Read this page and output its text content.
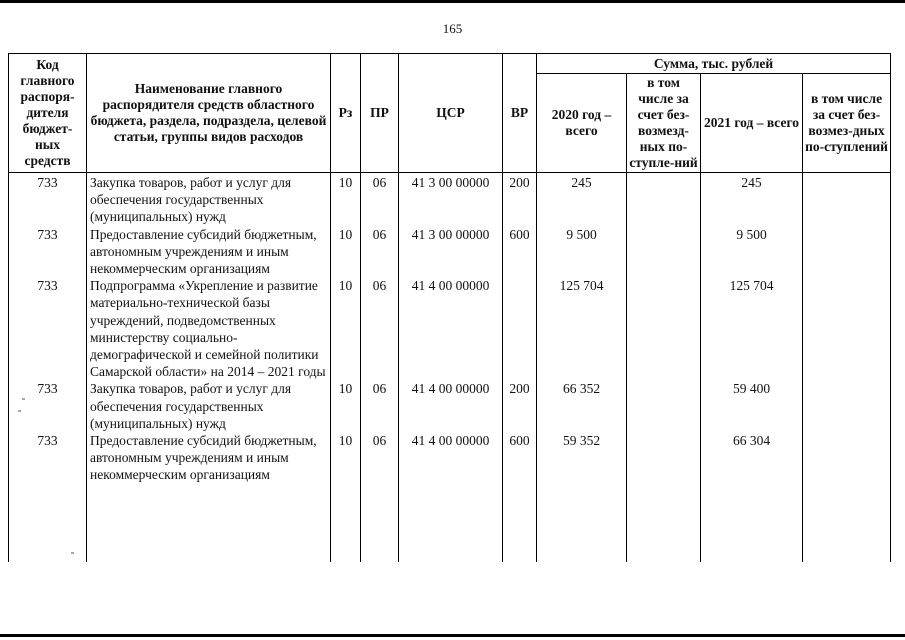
165
Код главного распоря-дителя бюджет-ных средств	Наименование главного распорядителя средств областного бюджета, раздела, подраздела, целевой статьи, группы видов расходов	Рз	ПР	ЦСР	ВР	Сумма, тыс. рублей			
						2020 год – всего	в том числе за счет без-возмезд-ных по-ступле-ний	2021 год – всего	в том числе за счет без-возмез-дных по-ступлений
733	Закупка товаров, работ и услуг для обеспечения государственных (муниципальных) нужд	10	06	41 3 00 00000	200	245		245	
733	Предоставление субсидий бюджетным, автономным учреждениям и иным некоммерческим организациям	10	06	41 3 00 00000	600	9 500		9 500	
733	Подпрограмма «Укрепление и развитие материально-технической базы учреждений, подведомственных министерству социально-демографической и семейной политики Самарской области» на 2014 – 2021 годы	10	06	41 4 00 00000		125 704		125 704	
733	Закупка товаров, работ и услуг для обеспечения государственных (муниципальных) нужд	10	06	41 4 00 00000	200	66 352		59 400	
733	Предоставление субсидий бюджетным, автономным учреждениям и иным некоммерческим организациям	10	06	41 4 00 00000	600	59 352		66 304	
